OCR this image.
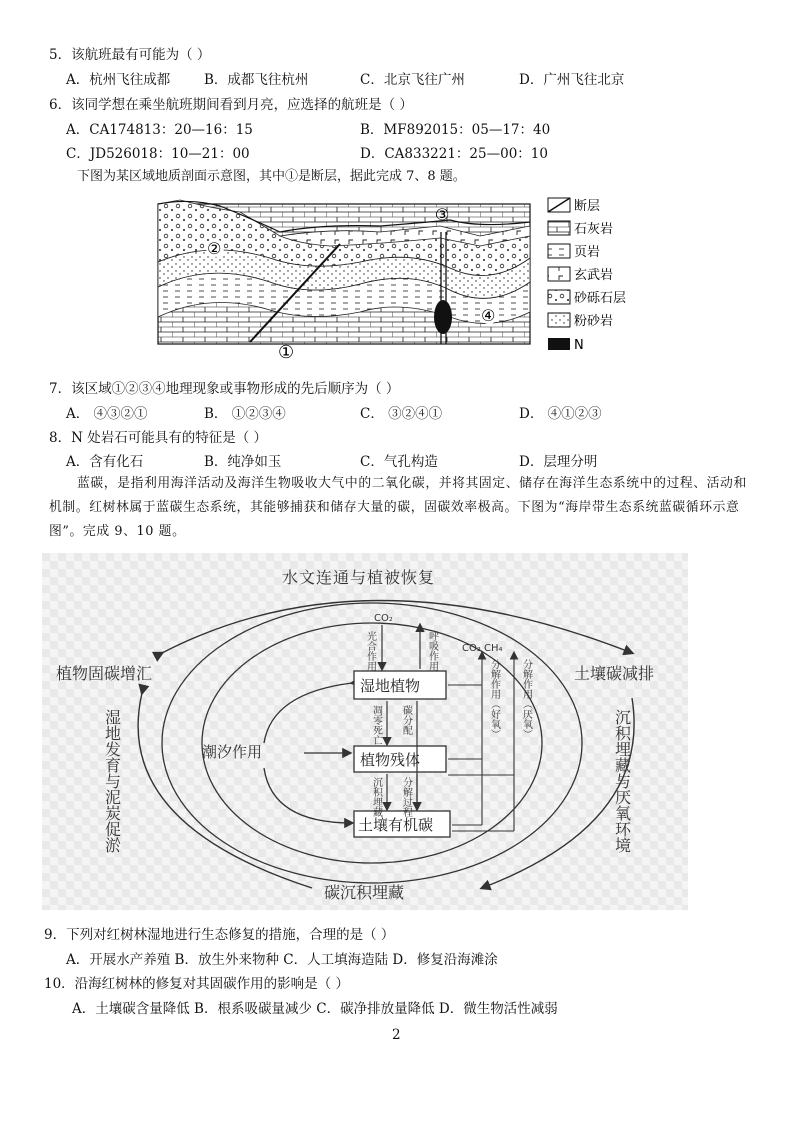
5．该航班最有可能为（ ）
A．杭州飞往成都	B．成都飞往杭州	C．北京飞往广州	D．广州飞往北京
6．该同学想在乘坐航班期间看到月亮，应选择的航班是（ ）
A．CA174813：20—16：15	B．MF892015：05—17：40
C．JD526018：10—21：00	D．CA833221：25—00：10
下图为某区域地质剖面示意图，其中①是断层，据此完成 7、8 题。
②
③
④
①
断层
石灰岩
页岩
玄武岩
砂砾石层
粉砂岩
N
7．该区域①②③④地理现象或事物形成的先后顺序为（ ）
A． ④③②①	B． ①②③④	C． ③②④①	D． ④①②③
8．N 处岩石可能具有的特征是（ ）
A．含有化石	B．纯净如玉	C．气孔构造	D．层理分明
蓝碳，是指利用海洋活动及海洋生物吸收大气中的二氧化碳，并将其固定、储存在海洋生态系统中的过程、活动和机制。红树林属于蓝碳生态系统，其能够捕获和储存大量的碳，固碳效率极高。下图为“海岸带生态系统蓝碳循环示意图”。完成 9、10 题。
水文连通与植被恢复
植物固碳增汇	土壤碳减排
碳沉积埋藏
潮汐作用
湿地植物
植物残体
土壤有机碳
CO₂
CO₂ CH₄
光合作用	呼吸作用
凋零死亡 碳分配
沉积埋藏 分解过程
分解作用（好氧） 分解作用（厌氧）
湿地发育与泥炭促淤	沉积埋藏与厌氧环境
9．下列对红树林湿地进行生态修复的措施，合理的是（ ）
A．开展水产养殖 B．放生外来物种 C．人工填海造陆 D．修复沿海滩涂
10．沿海红树林的修复对其固碳作用的影响是（ ）
A．土壤碳含量降低 B．根系吸碳量减少 C．碳净排放量降低 D．微生物活性减弱
2
